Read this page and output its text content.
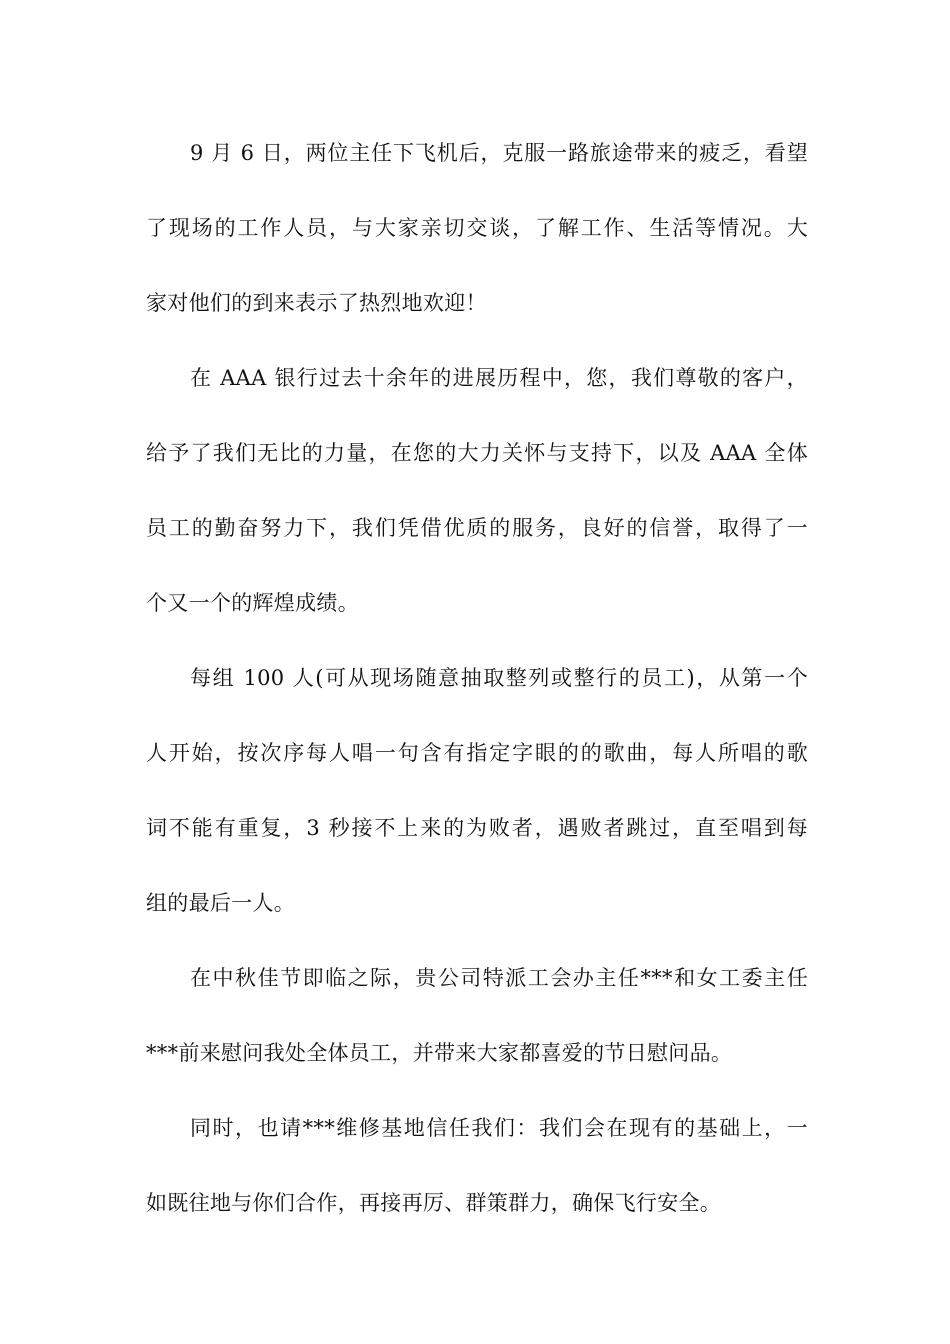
9 月 6 日，两位主任下飞机后，克服一路旅途带来的疲乏，看望
了现场的工作人员，与大家亲切交谈，了解工作、生活等情况。大
家对他们的到来表示了热烈地欢迎！
在 AAA 银行过去十余年的进展历程中，您，我们尊敬的客户，
给予了我们无比的力量，在您的大力关怀与支持下，以及 AAA 全体
员工的勤奋努力下，我们凭借优质的服务，良好的信誉，取得了一
个又一个的辉煌成绩。
每组 100 人(可从现场随意抽取整列或整行的员工)，从第一个
人开始，按次序每人唱一句含有指定字眼的的歌曲，每人所唱的歌
词不能有重复，3 秒接不上来的为败者，遇败者跳过，直至唱到每
组的最后一人。
在中秋佳节即临之际，贵公司特派工会办主任***和女工委主任
***前来慰问我处全体员工，并带来大家都喜爱的节日慰问品。
同时，也请***维修基地信任我们：我们会在现有的基础上，一
如既往地与你们合作，再接再厉、群策群力，确保飞行安全。
